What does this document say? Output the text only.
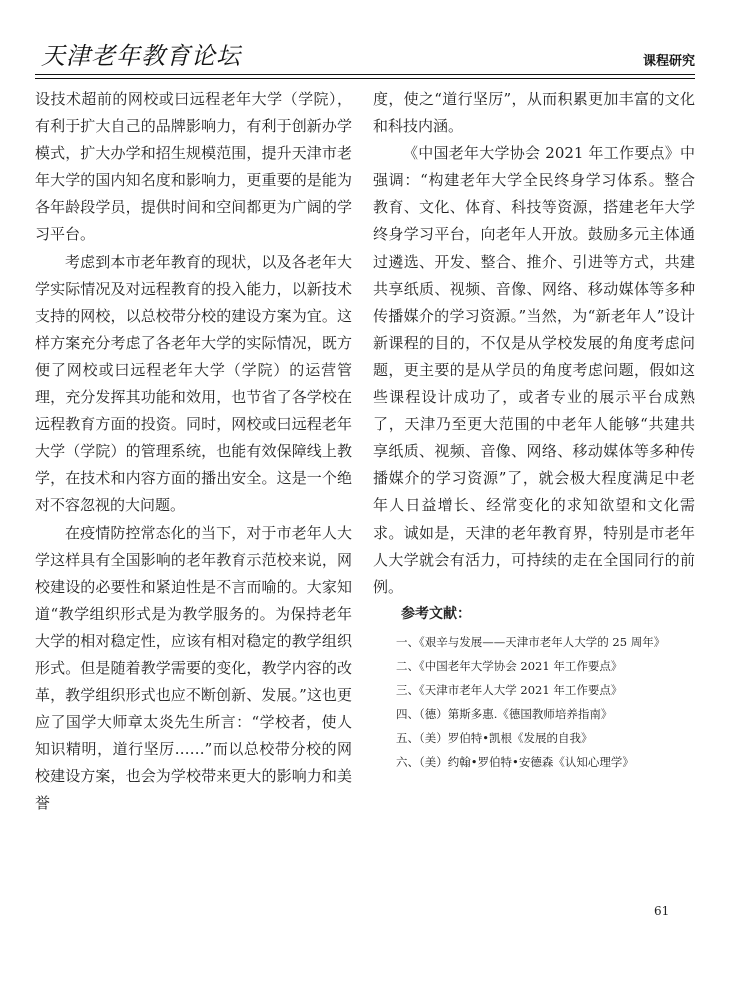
天津老年教育论坛	课程研究

设技术超前的网校或曰远程老年大学（学院），有利于扩大自己的品牌影响力，有利于创新办学模式，扩大办学和招生规模范围，提升天津市老年大学的国内知名度和影响力，更重要的是能为各年龄段学员，提供时间和空间都更为广阔的学习平台。

考虑到本市老年教育的现状，以及各老年大学实际情况及对远程教育的投入能力，以新技术支持的网校，以总校带分校的建设方案为宜。这样方案充分考虑了各老年大学的实际情况，既方便了网校或曰远程老年大学（学院）的运营管理，充分发挥其功能和效用，也节省了各学校在远程教育方面的投资。同时，网校或曰远程老年大学（学院）的管理系统，也能有效保障线上教学，在技术和内容方面的播出安全。这是一个绝对不容忽视的大问题。

在疫情防控常态化的当下，对于市老年人大学这样具有全国影响的老年教育示范校来说，网校建设的必要性和紧迫性是不言而喻的。大家知道“教学组织形式是为教学服务的。为保持老年大学的相对稳定性，应该有相对稳定的教学组织形式。但是随着教学需要的变化，教学内容的改革，教学组织形式也应不断创新、发展。”这也更应了国学大师章太炎先生所言：“学校者，使人知识精明，道行坚厉……”而以总校带分校的网校建设方案，也会为学校带来更大的影响力和美誉

度，使之“道行坚厉”，从而积累更加丰富的文化和科技内涵。

《中国老年大学协会 2021 年工作要点》中强调：“构建老年大学全民终身学习体系。整合教育、文化、体育、科技等资源，搭建老年大学终身学习平台，向老年人开放。鼓励多元主体通过遴选、开发、整合、推介、引进等方式，共建共享纸质、视频、音像、网络、移动媒体等多种传播媒介的学习资源。”当然，为“新老年人”设计新课程的目的，不仅是从学校发展的角度考虑问题，更主要的是从学员的角度考虑问题，假如这些课程设计成功了，或者专业的展示平台成熟了，天津乃至更大范围的中老年人能够“共建共享纸质、视频、音像、网络、移动媒体等多种传播媒介的学习资源”了，就会极大程度满足中老年人日益增长、经常变化的求知欲望和文化需求。诚如是，天津的老年教育界，特别是市老年人大学就会有活力，可持续的走在全国同行的前例。

参考文献：

一、《艰辛与发展——天津市老年人大学的 25 周年》
二、《中国老年大学协会 2021 年工作要点》
三、《天津市老年人大学 2021 年工作要点》
四、（德）第斯多惠.《德国教师培养指南》
五、（美）罗伯特•凯根《发展的自我》
六、（美）约翰•罗伯特•安德森《认知心理学》
61
